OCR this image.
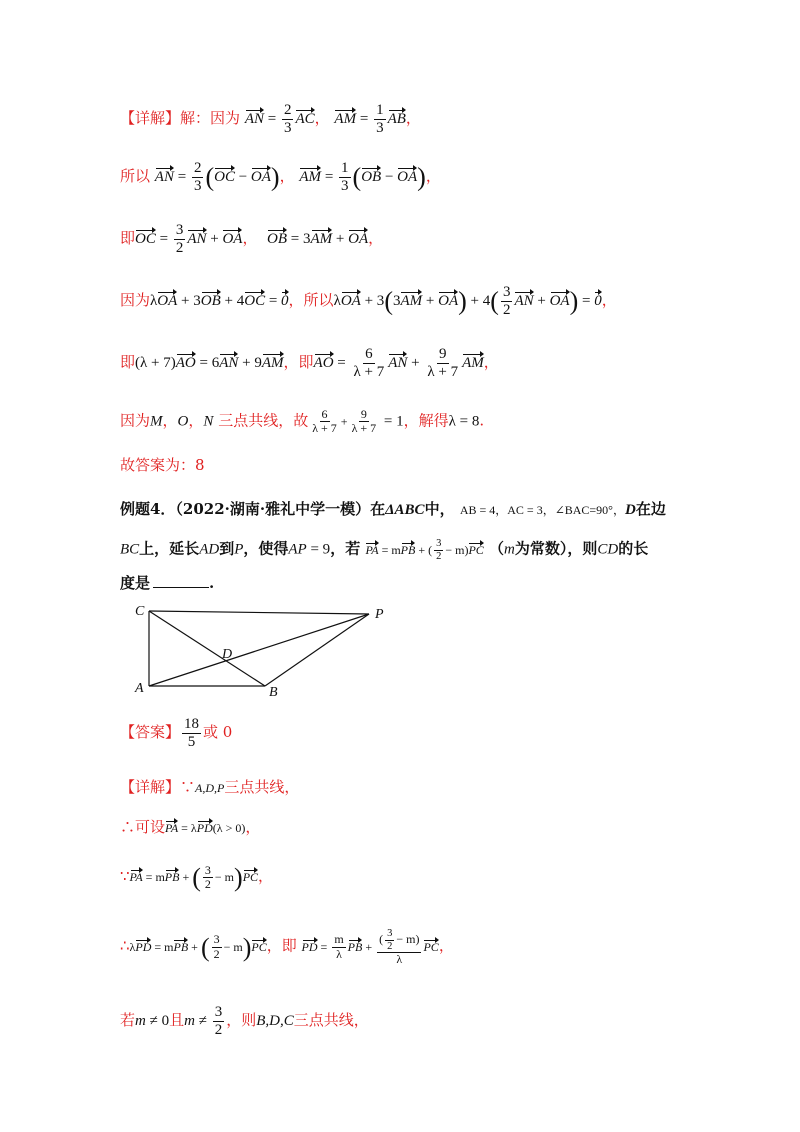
【详解】解：因为 AN = $\frac{2}{3}$ AC， AM = $\frac{1}{3}$ AB，
所以 AN = $\frac{2}{3} (OC - OA)$， AM = $\frac{1}{3} (OB - OA)$，
即OC = $\frac{3}{2}$ AN + OA， OB = 3AM + OA，
因为λOA + 3OB + 4OC = 0，所以$\lambda OA + 3(3AM + OA) + 4( \frac{3}{2}$ AN + OA) = 0，
即(λ + 7)AO = 6AN + 9AM，即AO = $\frac{6}{\lambda + 7}$ AN + $\frac{9}{\lambda + 7}$ AM，
因为M，O，N 三点共线，故 $\frac{6}{\lambda + 7} + \frac{9}{\lambda + 7} = 1$，解得λ = 8.
故答案为：8
例题4．（2022·湖南·雅礼中学一模）在ΔABC中， AB = 4，AC = 3，∠BAC=90°，D在边
BC上，延长AD到P，使得AP = 9，若 PA = mPB + ( $\frac{3}{2} - m)PC$ （m为常数），则CD的长
度是	.
C	P
D
A	B
【答案】 $\frac{18}{5}$ 或 0
【详解】∵A,D,P三点共线，
∴可设PA = λPD(λ > 0)，
∵PA = mPB + ( $\frac{3}{2} - m)PC$，
∴λPD = mPB + ( $\frac{3}{2} - m)PC$，即 PD = $\frac{m}{\lambda}$ PB + $\frac{( \frac{3}{2} - m)}{\lambda}$ PC，
若m ≠ 0且$m \ne \frac{3}{2}$ ，则B,D,C三点共线，
